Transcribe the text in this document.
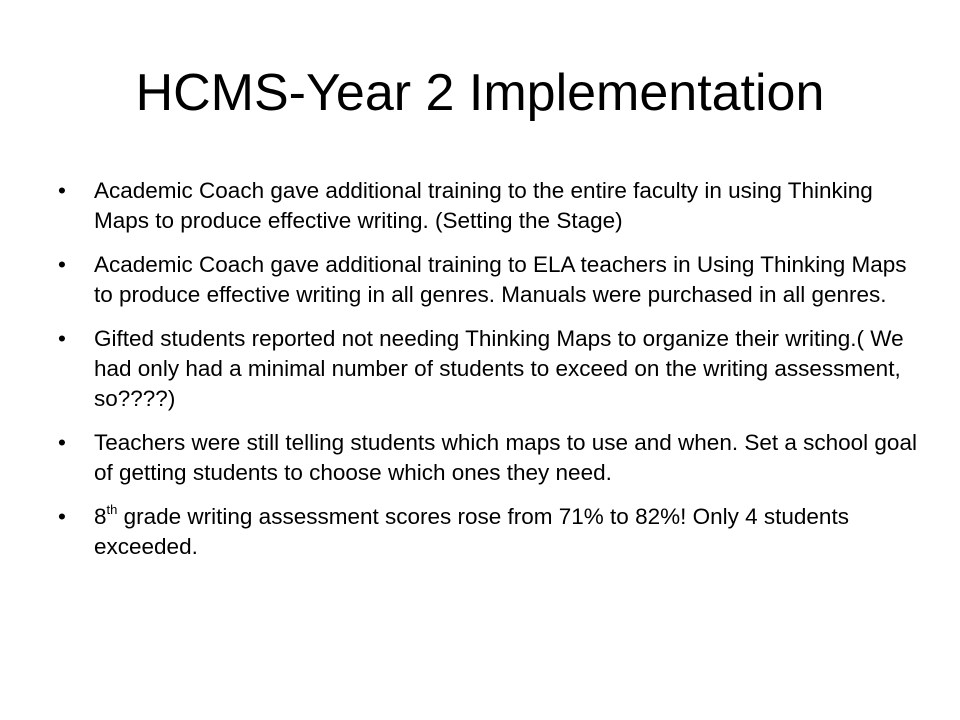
HCMS-Year 2 Implementation
• Academic Coach gave additional training to the entire faculty in using Thinking Maps to produce effective writing. (Setting the Stage)
• Academic Coach gave additional training to ELA teachers in Using Thinking Maps to produce effective writing in all genres. Manuals were purchased in all genres.
• Gifted students reported not needing Thinking Maps to organize their writing.( We had only had a minimal number of students to exceed on the writing assessment, so????)
• Teachers were still telling students which maps to use and when. Set a school goal of getting students to choose which ones they need.
• 8th grade writing assessment scores rose from 71% to 82%! Only 4 students exceeded.
